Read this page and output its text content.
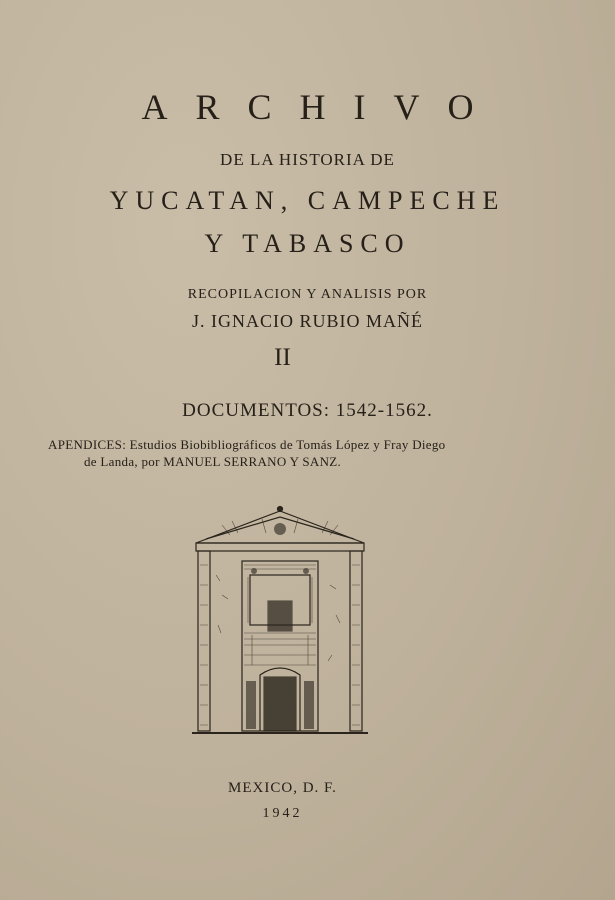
ARCHIVO
DE LA HISTORIA DE
YUCATAN, CAMPECHE
Y TABASCO
RECOPILACION Y ANALISIS POR
J. IGNACIO RUBIO MAÑÉ
II
DOCUMENTOS: 1542-1562.
APENDICES: Estudios Biobibliográficos de Tomás López y Fray Diego
de Landa, por MANUEL SERRANO Y SANZ.
MEXICO, D. F.
1942
